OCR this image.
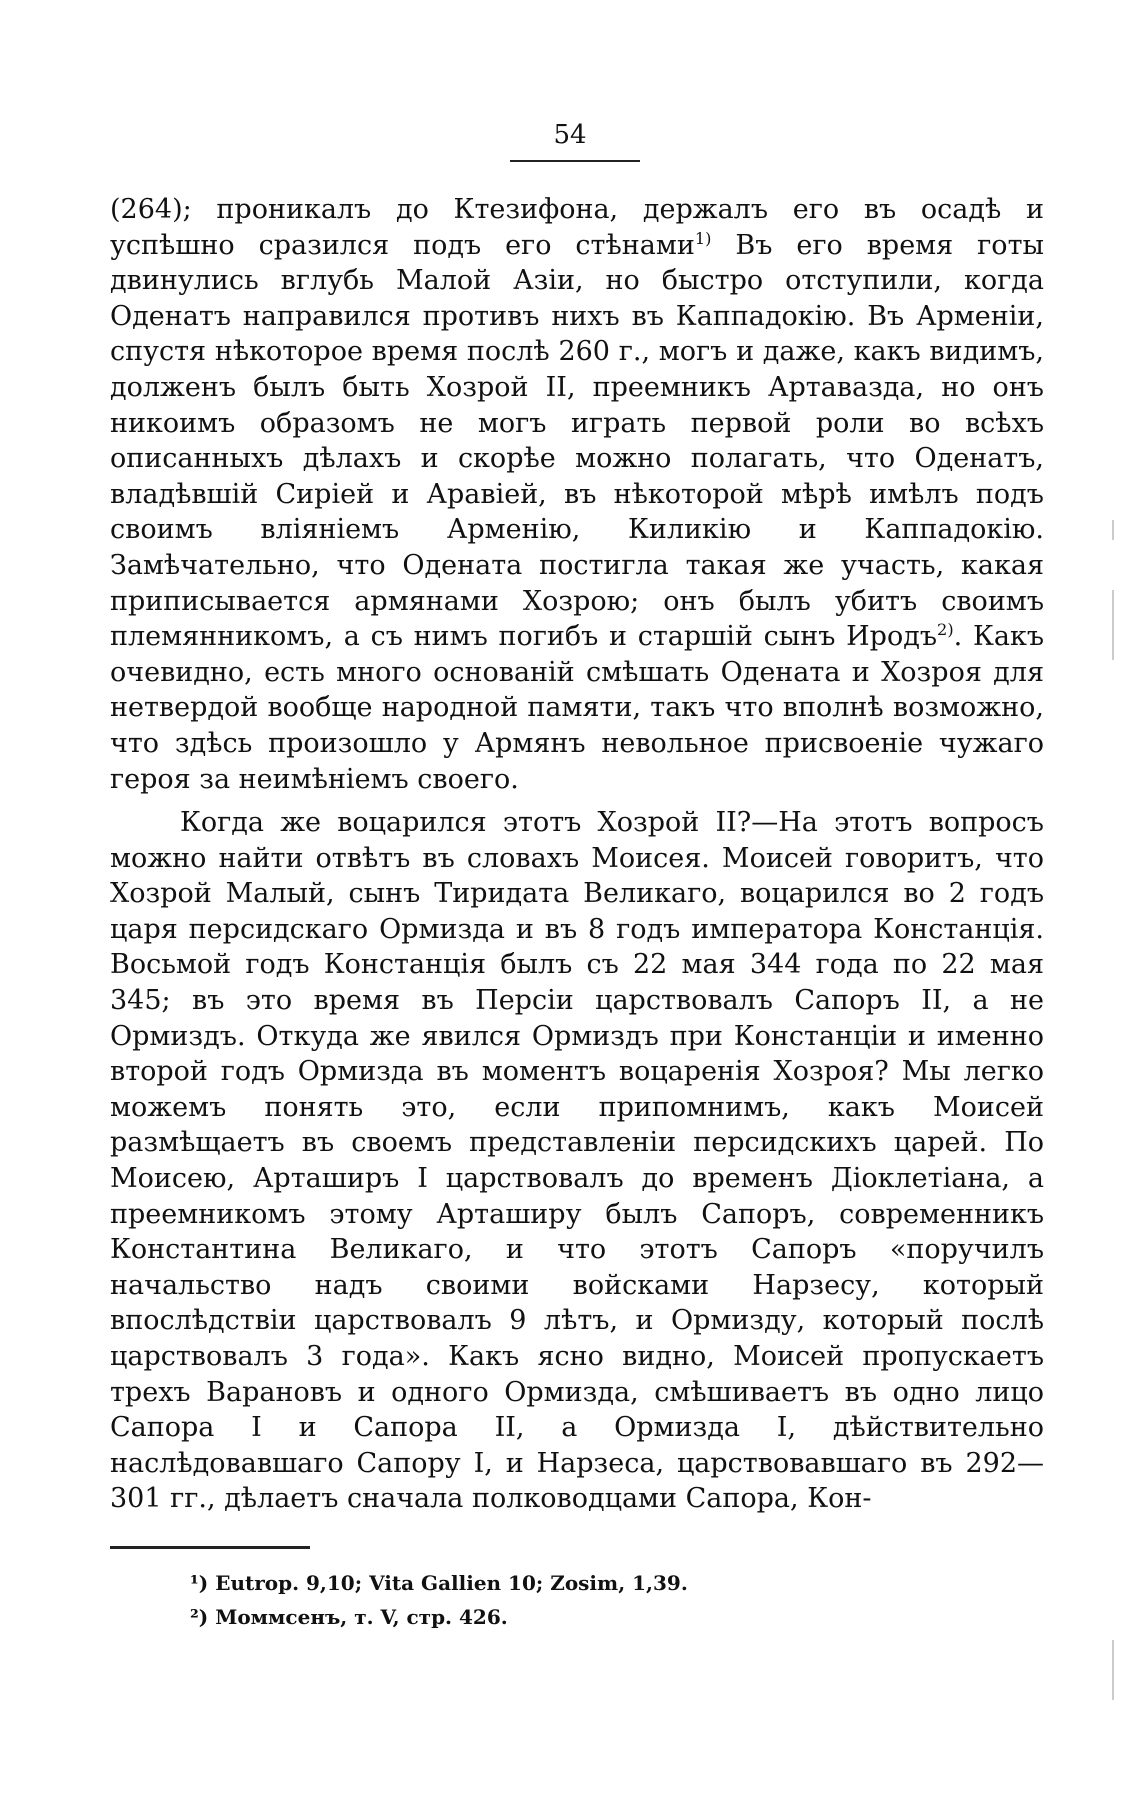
54

(264); проникалъ до Ктезифона, держалъ его въ осадѣ и успѣшно сразился подъ его стѣнами$^{1)}$ Въ его время готы двинулись вглубь Малой Азіи, но быстро отступили, когда Оденатъ направился противъ нихъ въ Каппадокію. Въ Арменіи, спустя нѣкоторое время послѣ 260 г., могъ и даже, какъ видимъ, долженъ былъ быть Хозрой II, преемникъ Артавазда, но онъ никоимъ образомъ не могъ играть первой роли во всѣхъ описанныхъ дѣлахъ и скорѣе можно полагать, что Оденатъ, владѣвшій Сиріей и Аравіей, въ нѣкоторой мѣрѣ имѣлъ подъ своимъ вліяніемъ Арменію, Киликію и Каппадокію. Замѣчательно, что Одената постигла такая же участь, какая приписывается армянами Хозрою; онъ былъ убитъ своимъ племянникомъ, а съ нимъ погибъ и старшій сынъ Иродъ$^{2)}$. Какъ очевидно, есть много основаній смѣшать Одената и Хозроя для нетвердой вообще народной памяти, такъ что вполнѣ возможно, что здѣсь произошло у Армянъ невольное присвоеніе чужаго героя за неимѣніемъ своего.

Когда же воцарился этотъ Хозрой II?—На этотъ вопросъ можно найти отвѣтъ въ словахъ Моисея. Моисей говоритъ, что Хозрой Малый, сынъ Тиридата Великаго, воцарился во 2 годъ царя персидскаго Ормизда и въ 8 годъ императора Констанція. Восьмой годъ Констанція былъ съ 22 мая 344 года по 22 мая 345; въ это время въ Персіи царствовалъ Сапоръ II, а не Ормиздъ. Откуда же явился Ормиздъ при Констанціи и именно второй годъ Ормизда въ моментъ воцаренія Хозроя? Мы легко можемъ понять это, если припомнимъ, какъ Моисей размѣщаетъ въ своемъ представленіи персидскихъ царей. По Моисею, Арташиръ I царствовалъ до временъ Діоклетіана, а преемникомъ этому Арташиру былъ Сапоръ, современникъ Константина Великаго, и что этотъ Сапоръ «поручилъ начальство надъ своими войсками Нарзесу, который впослѣдствіи царствовалъ 9 лѣтъ, и Ормизду, который послѣ царствовалъ 3 года». Какъ ясно видно, Моисей пропускаетъ трехъ Варановъ и одного Ормизда, смѣшиваетъ въ одно лицо Сапора I и Сапора II, а Ормизда I, дѣйствительно наслѣдовавшаго Сапору I, и Нарзеса, царствовавшаго въ 292—301 гг., дѣлаетъ сначала полководцами Сапора, Кон-

¹) Eutrop. 9,10; Vita Gallien 10; Zosim, 1,39.

²) Моммсенъ, т. V, стр. 426.
